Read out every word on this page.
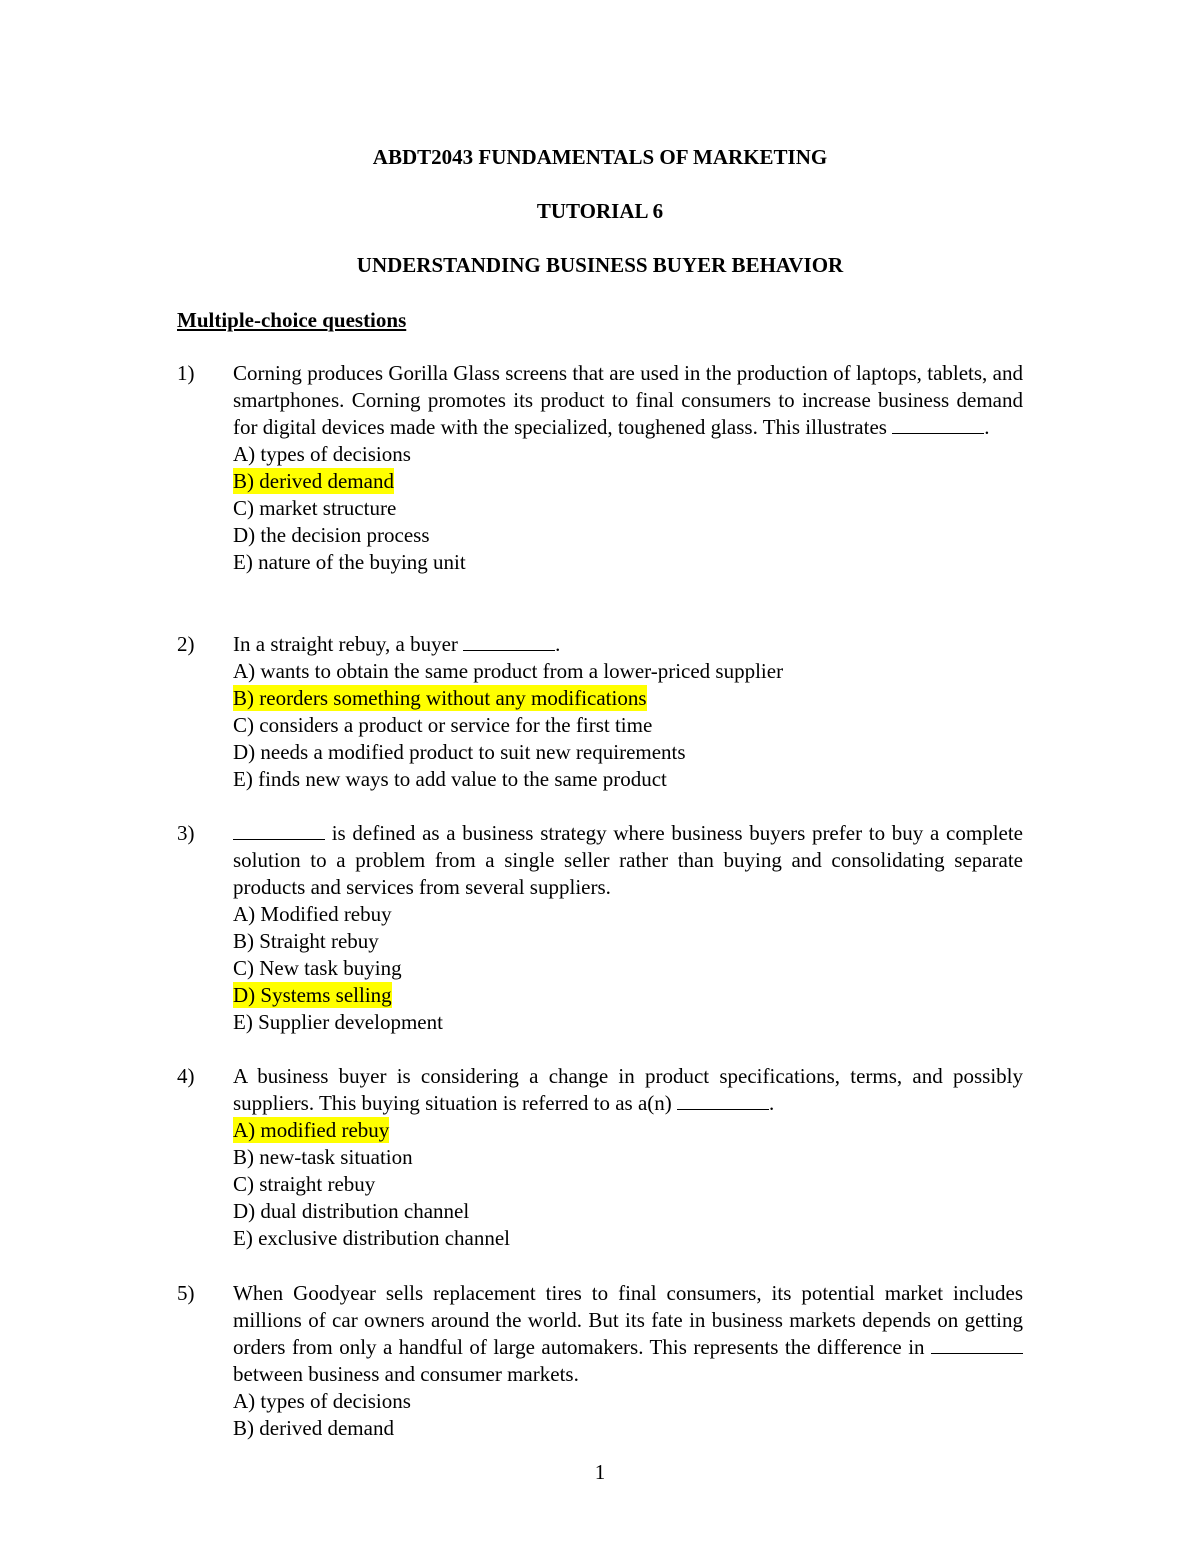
ABDT2043 FUNDAMENTALS OF MARKETING
TUTORIAL 6
UNDERSTANDING BUSINESS BUYER BEHAVIOR
Multiple-choice questions
1) Corning produces Gorilla Glass screens that are used in the production of laptops, tablets, and smartphones. Corning promotes its product to final consumers to increase business demand for digital devices made with the specialized, toughened glass. This illustrates	.

A) types of decisions
B) derived demand
C) market structure
D) the decision process
E) nature of the buying unit
2) In a straight rebuy, a buyer	.

A) wants to obtain the same product from a lower-priced supplier
B) reorders something without any modifications
C) considers a product or service for the first time
D) needs a modified product to suit new requirements
E) finds new ways to add value to the same product
3)	is defined as a business strategy where business buyers prefer to buy a complete solution to a problem from a single seller rather than buying and consolidating separate products and services from several suppliers.

A) Modified rebuy
B) Straight rebuy
C) New task buying
D) Systems selling
E) Supplier development
4) A business buyer is considering a change in product specifications, terms, and possibly suppliers. This buying situation is referred to as a(n)	.

A) modified rebuy
B) new-task situation
C) straight rebuy
D) dual distribution channel
E) exclusive distribution channel
5) When Goodyear sells replacement tires to final consumers, its potential market includes millions of car owners around the world. But its fate in business markets depends on getting orders from only a handful of large automakers. This represents the difference in  between business and consumer markets.

A) types of decisions
B) derived demand
1
